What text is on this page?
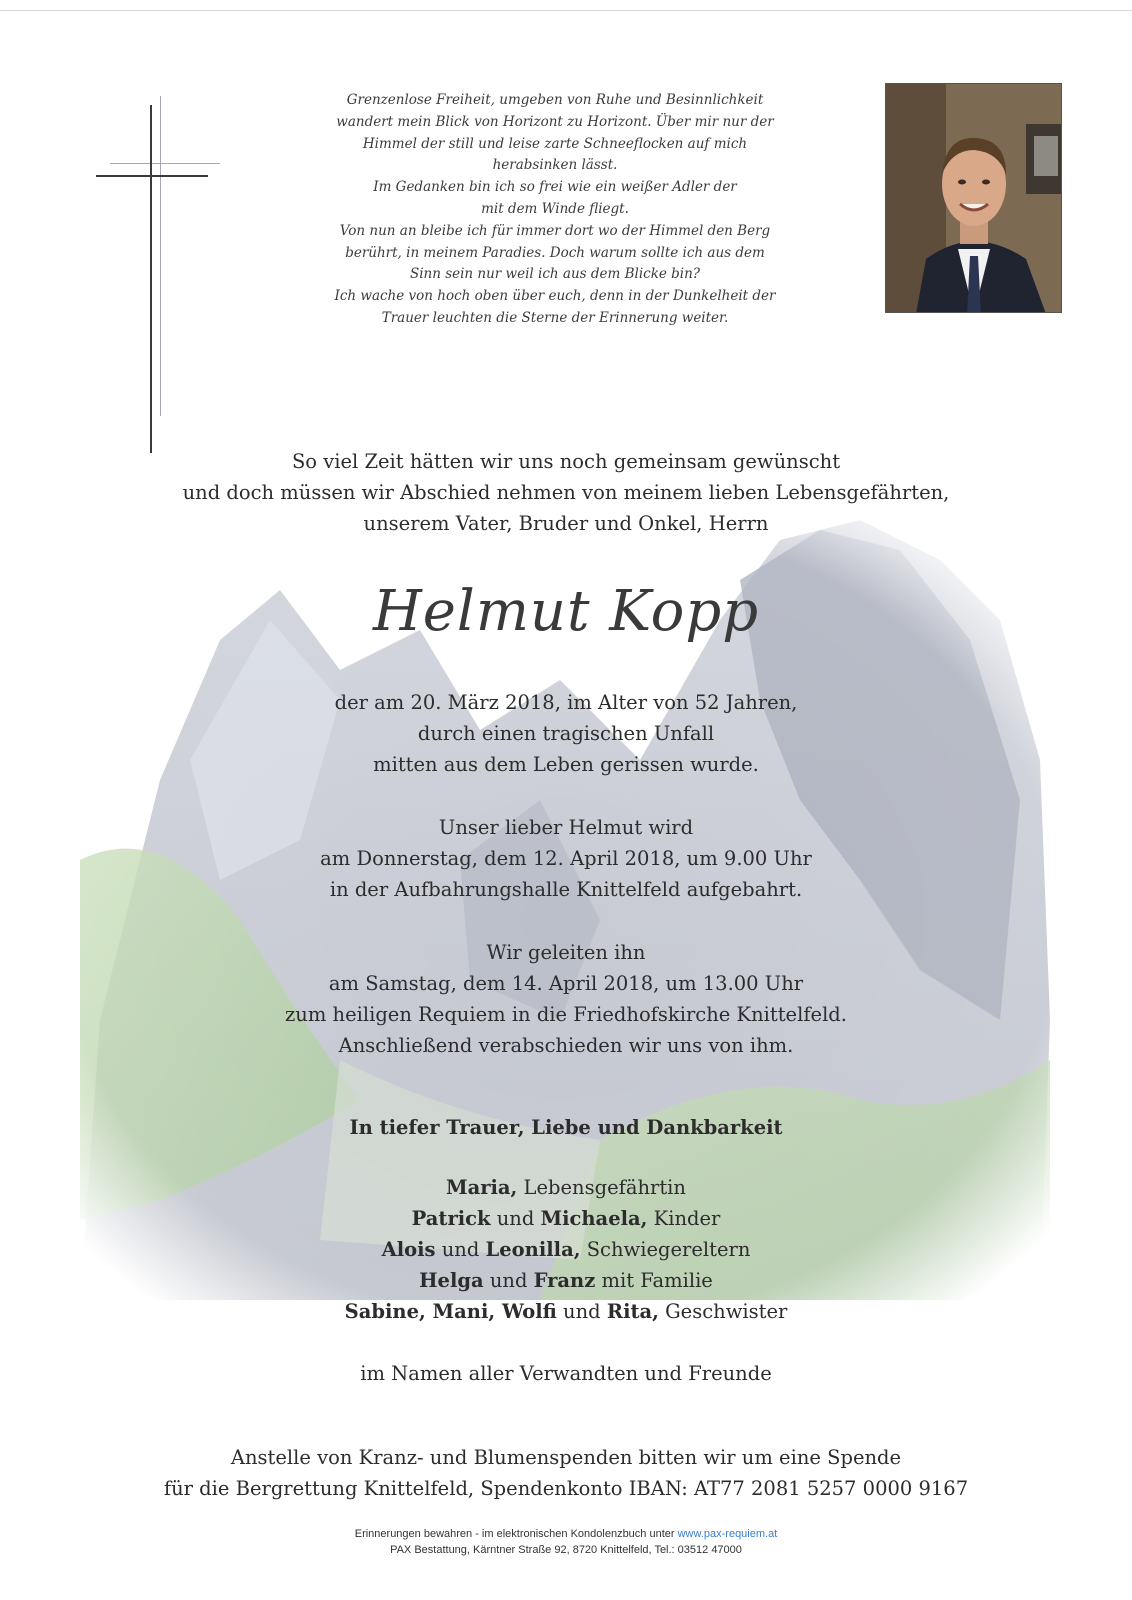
Grenzenlose Freiheit, umgeben von Ruhe und Besinnlichkeit
wandert mein Blick von Horizont zu Horizont. Über mir nur der
Himmel der still und leise zarte Schneeflocken auf mich
herabsinken lässt.
Im Gedanken bin ich so frei wie ein weißer Adler der
mit dem Winde fliegt.
Von nun an bleibe ich für immer dort wo der Himmel den Berg
berührt, in meinem Paradies. Doch warum sollte ich aus dem
Sinn sein nur weil ich aus dem Blicke bin?
Ich wache von hoch oben über euch, denn in der Dunkelheit der
Trauer leuchten die Sterne der Erinnerung weiter.
So viel Zeit hätten wir uns noch gemeinsam gewünscht
und doch müssen wir Abschied nehmen von meinem lieben Lebensgefährten,
unserem Vater, Bruder und Onkel, Herrn
Helmut Kopp
der am 20. März 2018, im Alter von 52 Jahren,
durch einen tragischen Unfall
mitten aus dem Leben gerissen wurde.
Unser lieber Helmut wird
am Donnerstag, dem 12. April 2018, um 9.00 Uhr
in der Aufbahrungshalle Knittelfeld aufgebahrt.
Wir geleiten ihn
am Samstag, dem 14. April 2018, um 13.00 Uhr
zum heiligen Requiem in die Friedhofskirche Knittelfeld.
Anschließend verabschieden wir uns von ihm.
In tiefer Trauer, Liebe und Dankbarkeit
Maria, Lebensgefährtin
Patrick und Michaela, Kinder
Alois und Leonilla, Schwiegereltern
Helga und Franz mit Familie
Sabine, Mani, Wolfi und Rita, Geschwister
im Namen aller Verwandten und Freunde
Anstelle von Kranz- und Blumenspenden bitten wir um eine Spende
für die Bergrettung Knittelfeld, Spendenkonto IBAN: AT77 2081 5257 0000 9167
Erinnerungen bewahren - im elektronischen Kondolenzbuch unter www.pax-requiem.at
PAX Bestattung, Kärntner Straße 92, 8720 Knittelfeld, Tel.: 03512 47000
